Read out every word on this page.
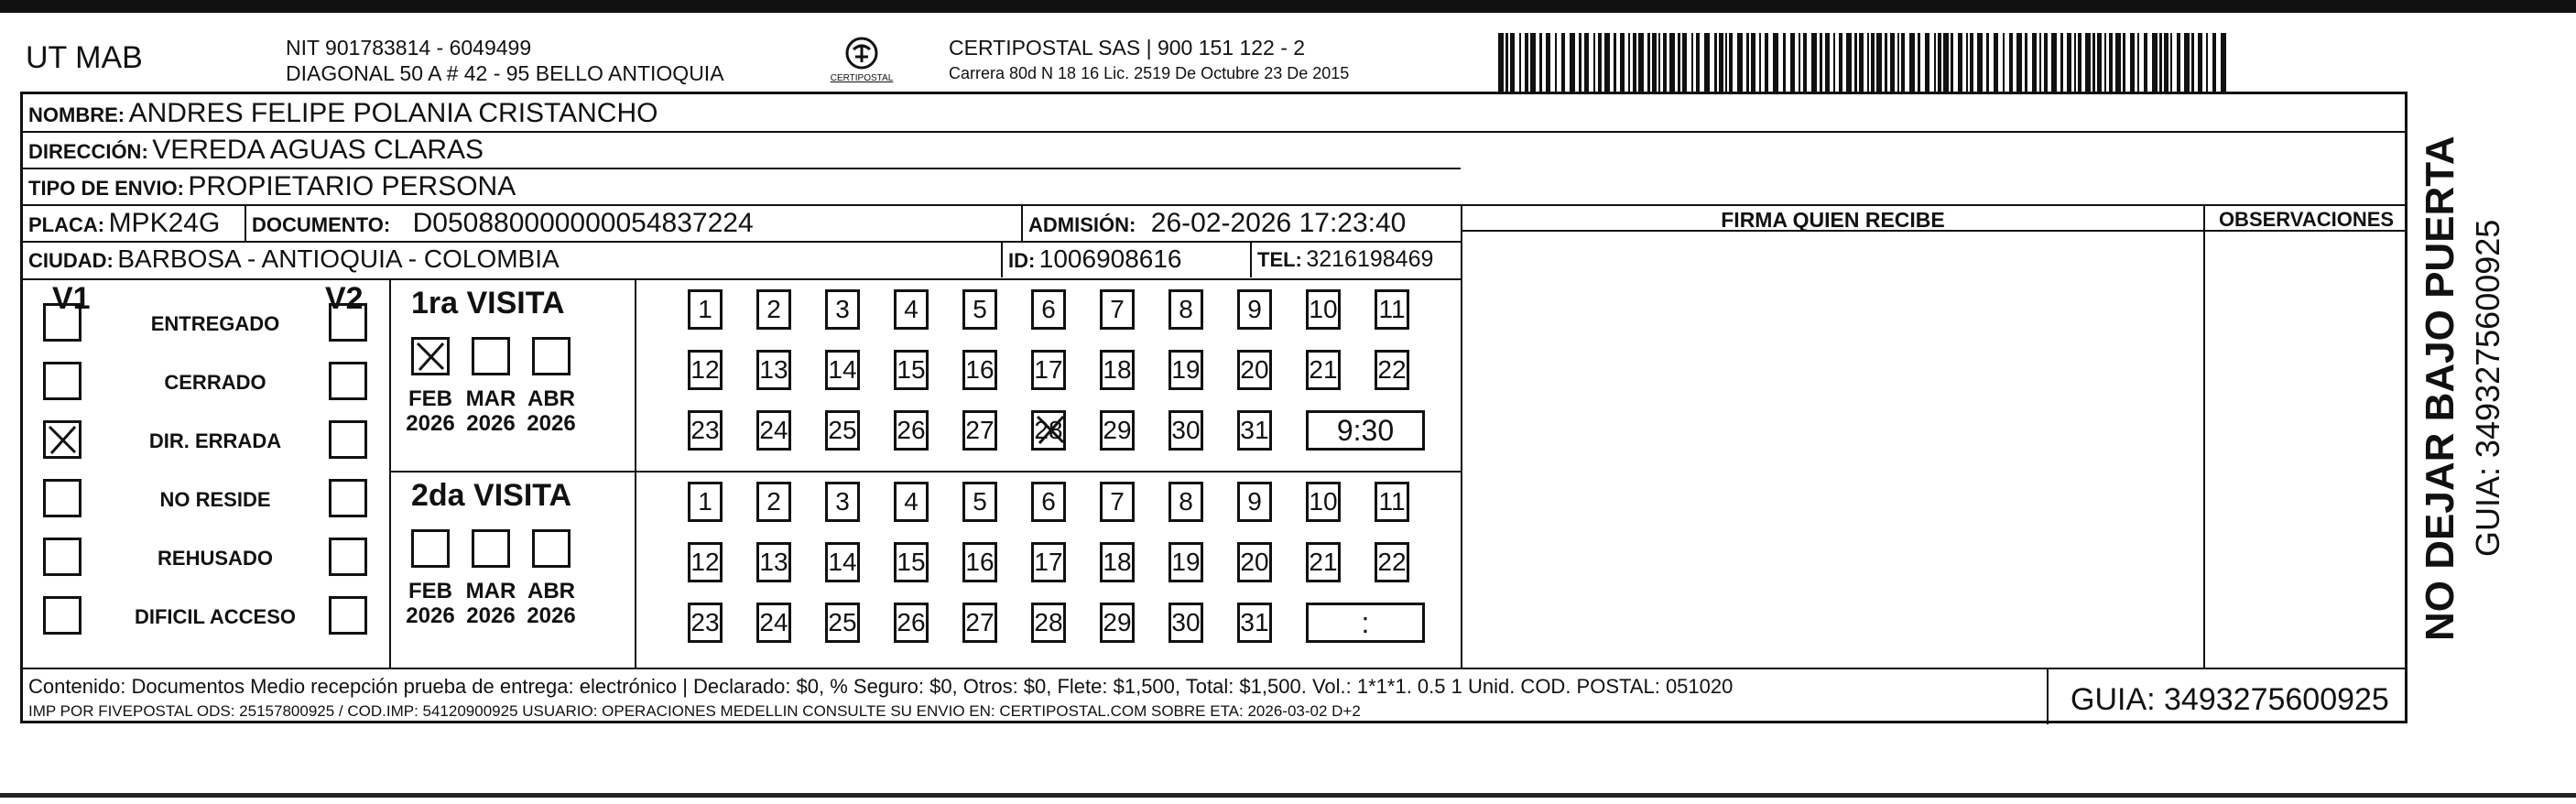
UT MAB	NIT 901783814 - 6049499
DIAGONAL 50 A # 42 - 95 BELLO ANTIOQUIA	CERTIPOSTAL
CERTIPOSTAL SAS | 900 151 122 - 2
Carrera 80d N 18 16 Lic. 2519 De Octubre 23 De 2015
NOMBRE: ANDRES FELIPE POLANIA CRISTANCHO
DIRECCIÓN: VEREDA AGUAS CLARAS
TIPO DE ENVIO: PROPIETARIO PERSONA
PLACA: MPK24G DOCUMENTO: D050880000000054837224	ADMISIÓN: 26-02-2026 17:23:40
CIUDAD: BARBOSA - ANTIOQUIA - COLOMBIA	ID: 1006908616	TEL: 3216198469
FIRMA QUIEN RECIBE	OBSERVACIONES
V1	V2
ENTREGADO
CERRADO
DIR. ERRADA
NO RESIDE
REHUSADO
DIFICIL ACCESO
1ra VISITA
FEB
2026
MAR
2026
ABR
2026
1	2	3	4	5	6	7	8	9	10 11
12 13 14 15 16 17 18 19 20 21 22
23 24 25 26 27 28 29 30 31	9:30
2da VISITA
FEB
2026
MAR
2026
ABR
2026
1	2	3	4	5	6	7	8	9	10 11
12 13 14 15 16 17 18 19 20 21 22
23 24 25 26 27 28 29 30 31	:
Contenido: Documentos Medio recepción prueba de entrega: electrónico | Declarado: $0, % Seguro: $0, Otros: $0, Flete: $1,500, Total: $1,500. Vol.: 1*1*1. 0.5 1 Unid. COD. POSTAL: 051020
IMP POR FIVEPOSTAL ODS: 25157800925 / COD.IMP: 54120900925 USUARIO: OPERACIONES MEDELLIN CONSULTE SU ENVIO EN: CERTIPOSTAL.COM SOBRE ETA: 2026-03-02 D+2	GUIA: 3493275600925
NO DEJAR BAJO PUERTA GUIA: 3493275600925
